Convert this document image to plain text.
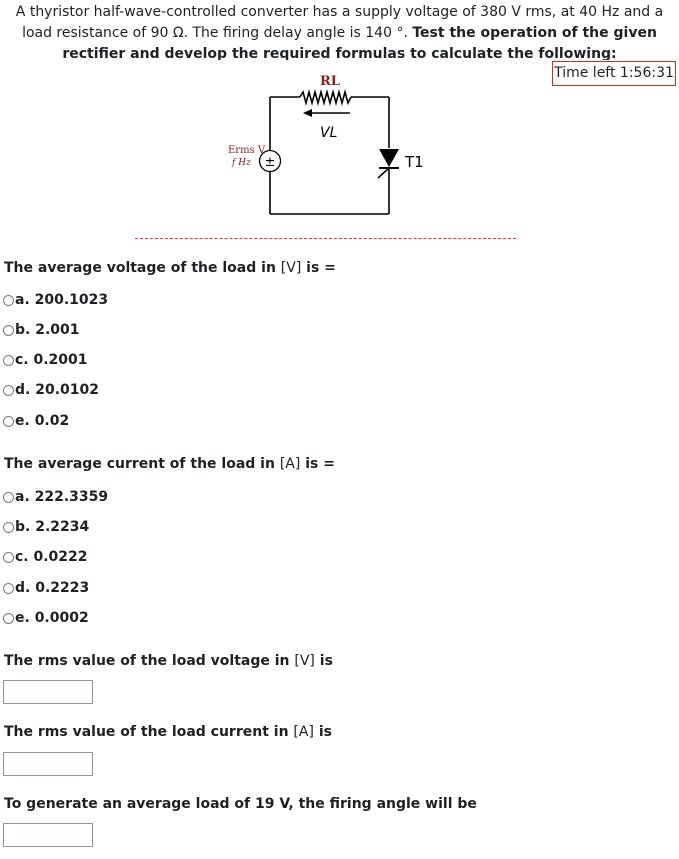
A thyristor half-wave-controlled converter has a supply voltage of 380 V rms, at 40 Hz and a
load resistance of 90 Ω. The firing delay angle is 140 °. Test the operation of the given
rectifier and develop the required formulas to calculate the following:
Time left 1:56:31
±
RL
VL
Erms V
f Hz	T1
The average voltage of the load in [V] is =
a. 200.1023
b. 2.001
c. 0.2001
d. 20.0102
e. 0.02
The average current of the load in [A] is =
a. 222.3359
b. 2.2234
c. 0.0222
d. 0.2223
e. 0.0002
The rms value of the load voltage in [V] is
The rms value of the load current in [A] is
To generate an average load of 19 V, the firing angle will be
